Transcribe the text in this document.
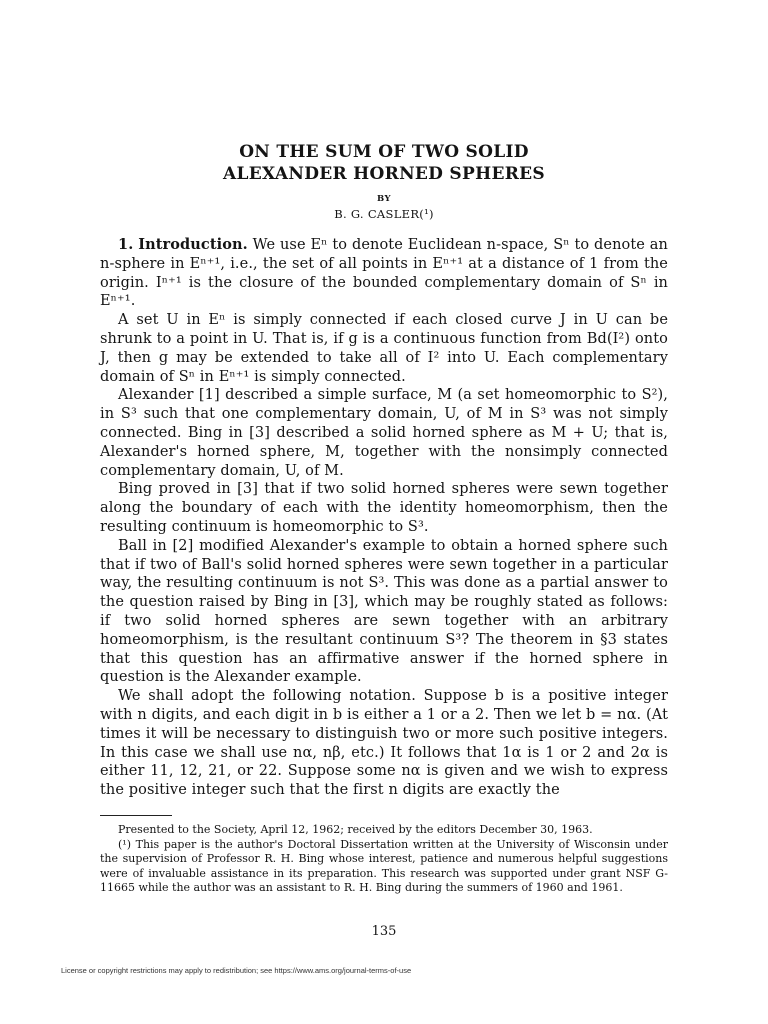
ON THE SUM OF TWO SOLID
ALEXANDER HORNED SPHERES
BY
B. G. CASLER(¹)

1. Introduction. We use Eⁿ to denote Euclidean n-space, Sⁿ to denote an n-sphere in Eⁿ⁺¹, i.e., the set of all points in Eⁿ⁺¹ at a distance of 1 from the origin. Iⁿ⁺¹ is the closure of the bounded complementary domain of Sⁿ in Eⁿ⁺¹.

A set U in Eⁿ is simply connected if each closed curve J in U can be shrunk to a point in U. That is, if g is a continuous function from Bd(I²) onto J, then g may be extended to take all of I² into U. Each complementary domain of Sⁿ in Eⁿ⁺¹ is simply connected.

Alexander [1] described a simple surface, M (a set homeomorphic to S²), in S³ such that one complementary domain, U, of M in S³ was not simply connected. Bing in [3] described a solid horned sphere as M + U; that is, Alexander's horned sphere, M, together with the nonsimply connected complementary domain, U, of M.

Bing proved in [3] that if two solid horned spheres were sewn together along the boundary of each with the identity homeomorphism, then the resulting continuum is homeomorphic to S³.

Ball in [2] modified Alexander's example to obtain a horned sphere such that if two of Ball's solid horned spheres were sewn together in a particular way, the resulting continuum is not S³. This was done as a partial answer to the question raised by Bing in [3], which may be roughly stated as follows: if two solid horned spheres are sewn together with an arbitrary homeomorphism, is the resultant continuum S³? The theorem in §3 states that this question has an affirmative answer if the horned sphere in question is the Alexander example.

We shall adopt the following notation. Suppose b is a positive integer with n digits, and each digit in b is either a 1 or a 2. Then we let b = nα. (At times it will be necessary to distinguish two or more such positive integers. In this case we shall use nα, nβ, etc.) It follows that 1α is 1 or 2 and 2α is either 11, 12, 21, or 22. Suppose some nα is given and we wish to express the positive integer such that the first n digits are exactly the

Presented to the Society, April 12, 1962; received by the editors December 30, 1963.

(¹) This paper is the author's Doctoral Dissertation written at the University of Wisconsin under the supervision of Professor R. H. Bing whose interest, patience and numerous helpful suggestions were of invaluable assistance in its preparation. This research was supported under grant NSF G-11665 while the author was an assistant to R. H. Bing during the summers of 1960 and 1961.

135
License or copyright restrictions may apply to redistribution; see https://www.ams.org/journal-terms-of-use
